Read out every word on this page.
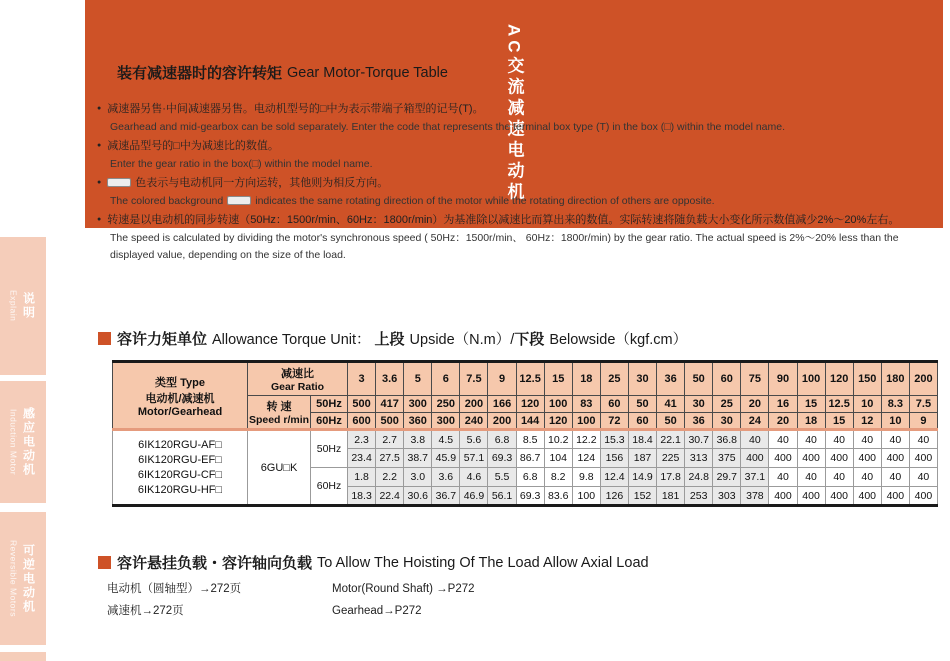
AC交流减速电动机
Explain 说明
Induction Motor 感应电动机
Reversible Motors 可逆电动机
装有减速器时的容许转矩 Gear Motor-Torque Table
● 减速器另售·中间减速器另售。电动机型号的□中为表示带端子箱型的记号(T)。
Gearhead and mid-gearbox can be sold separately. Enter the code that represents the terminal box type (T) in the box (□) within the model name.
● 减速品型号的□中为减速比的数值。
Enter the gear ratio in the box(□) within the model name.
● 色表示与电动机同一方向运转，其他则为相反方向。
The colored background	indicates the same rotating direction of the motor while the rotating direction of others are opposite.
● 转速是以电动机的同步转速（50Hz：1500r/min、60Hz：1800r/min）为基准除以减速比而算出来的数值。实际转速将随负载大小变化所示数值减少2%～20%左右。
The speed is calculated by dividing the motor's synchronous speed ( 50Hz：1500r/min、 60Hz：1800r/min) by the gear ratio. The actual speed is 2%～20% less than the displayed value, depending on the size of the load.
容许力矩单位 Allowance Torque Unit： 上段 Upside（N.m）/ 下段 Belowside（kgf.cm）
类型 Type
电动机/减速机
Motor/Gearhead

减速比
Gear Ratio
	3	3.6	5	6	7.5	9	12.5	15	18	25	30	36	50	60	75	90	100	120	150	180	200

	转 速
Speed r/min	50Hz	500	417	300	250	200	166	120	100	83	60	50	41	30	25	20	16	15	12.5	10	8.3	7.5
		60Hz	600	500	360	300	240	200	144	120	100	72	60	50	36	30	24	20	18	15	12	10	9

6IK120RGU-AF□
6IK120RGU-EF□
6IK120RGU-CF□
6IK120RGU-HF□	6GU□K	50Hz	2.3	2.7	3.8	4.5	5.6	6.8	8.5	10.2	12.2	15.3	18.4	22.1	30.7	36.8	40	40	40	40	40	40	40
			23.4	27.5	38.7	45.9	57.1	69.3	86.7	104	124	156	187	225	313	375	400	400	400	400	400	400	400
		60Hz	1.8	2.2	3.0	3.6	4.6	5.5	6.8	8.2	9.8	12.4	14.9	17.8	24.8	29.7	37.1	40	40	40	40	40	40
			18.3	22.4	30.6	36.7	46.9	56.1	69.3	83.6	100	126	152	181	253	303	378	400	400	400	400	400	400
容许悬挂负载・容许轴向负载 To Allow The Hoisting Of The Load Allow Axial Load
电动机（圆轴型）→272页
减速机→272页
Motor(Round Shaft) →P272
Gearhead→P272
